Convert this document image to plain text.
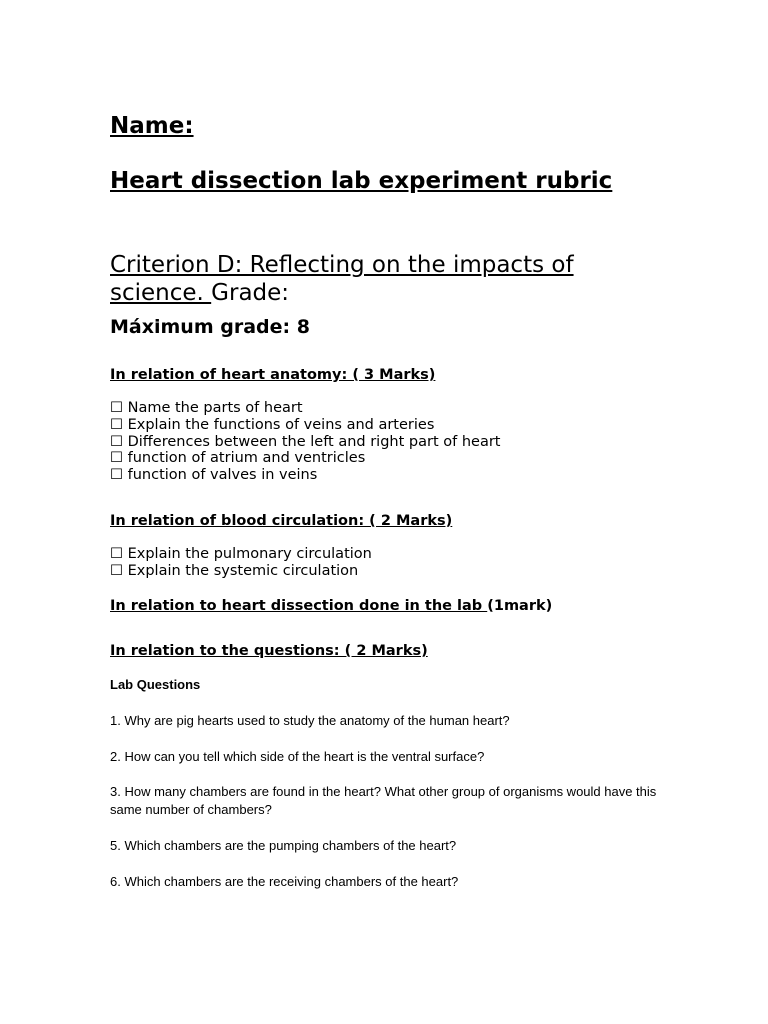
Name:
Heart dissection lab experiment rubric
Criterion D: Reflecting on the impacts of science. Grade:
Máximum grade: 8
In relation of heart anatomy: ( 3 Marks)
☐ Name the parts of heart
☐ Explain the functions of veins and arteries
☐ Differences between the left and right part of heart
☐ function of atrium and ventricles
☐ function of valves in veins
In relation of blood circulation: ( 2 Marks)
☐ Explain the pulmonary circulation
☐ Explain the systemic circulation
In relation to heart dissection done in the lab (1mark)
In relation to the questions: ( 2 Marks)
Lab Questions
1. Why are pig hearts used to study the anatomy of the human heart?
2. How can you tell which side of the heart is the ventral surface?
3. How many chambers are found in the heart? What other group of organisms would have this same number of chambers?
5. Which chambers are the pumping chambers of the heart?
6. Which chambers are the receiving chambers of the heart?
